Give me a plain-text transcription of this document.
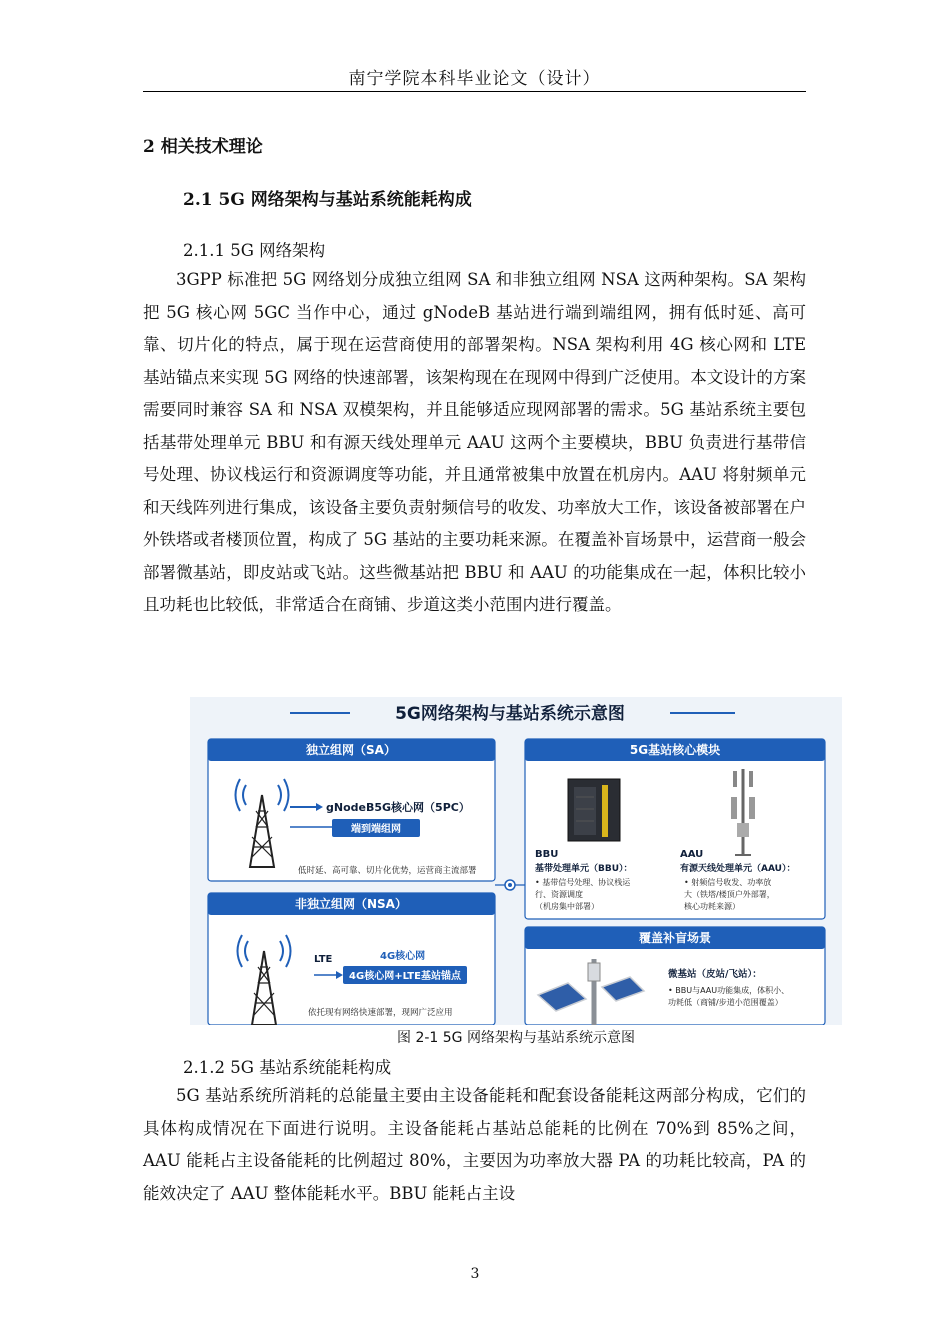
南宁学院本科毕业论文（设计）
2 相关技术理论
2.1 5G 网络架构与基站系统能耗构成
2.1.1 5G 网络架构

3GPP 标准把 5G 网络划分成独立组网 SA 和非独立组网 NSA 这两种架构。SA 架构把 5G 核心网 5GC 当作中心，通过 gNodeB 基站进行端到端组网，拥有低时延、高可靠、切片化的特点，属于现在运营商使用的部署架构。NSA 架构利用 4G 核心网和 LTE 基站锚点来实现 5G 网络的快速部署，该架构现在在现网中得到广泛使用。本文设计的方案需要同时兼容 SA 和 NSA 双模架构，并且能够适应现网部署的需求。5G 基站系统主要包括基带处理单元 BBU 和有源天线处理单元 AAU 这两个主要模块，BBU 负责进行基带信号处理、协议栈运行和资源调度等功能，并且通常被集中放置在机房内。AAU 将射频单元和天线阵列进行集成，该设备主要负责射频信号的收发、功率放大工作，该设备被部署在户外铁塔或者楼顶位置，构成了 5G 基站的主要功耗来源。在覆盖补盲场景中，运营商一般会部署微基站，即皮站或飞站。这些微基站把 BBU 和 AAU 的功能集成在一起，体积比较小且功耗也比较低，非常适合在商铺、步道这类小范围内进行覆盖。

5G网络架构与基站系统示意图
独立组网（SA）
gNodeB5G核心网（5PC）
端到端组网
低时延、高可靠、切片化优势，运营商主流部署
非独立组网（NSA）
LTE	4G核心网
4G核心网+LTE基站锚点
依托现有网络快速部署，现网广泛应用
5G基站核心模块
BBU
基带处理单元（BBU）：
• 基带信号处理、协议栈运
行、资源调度
（机房集中部署）
AAU
有源天线处理单元（AAU）：
• 射频信号收发、功率放
大（铁塔/楼顶户外部署，
核心功耗来源）
覆盖补盲场景
微基站（皮站/飞站）：
• BBU与AAU功能集成，体积小、
功耗低（商铺/步道小范围覆盖）
图 2-1 5G 网络架构与基站系统示意图
2.1.2 5G 基站系统能耗构成

5G 基站系统所消耗的总能量主要由主设备能耗和配套设备能耗这两部分构成，它们的具体构成情况在下面进行说明。主设备能耗占基站总能耗的比例在 70%到 85%之间，AAU 能耗占主设备能耗的比例超过 80%，主要因为功率放大器 PA 的功耗比较高，PA 的能效决定了 AAU 整体能耗水平。BBU 能耗占主设

3
